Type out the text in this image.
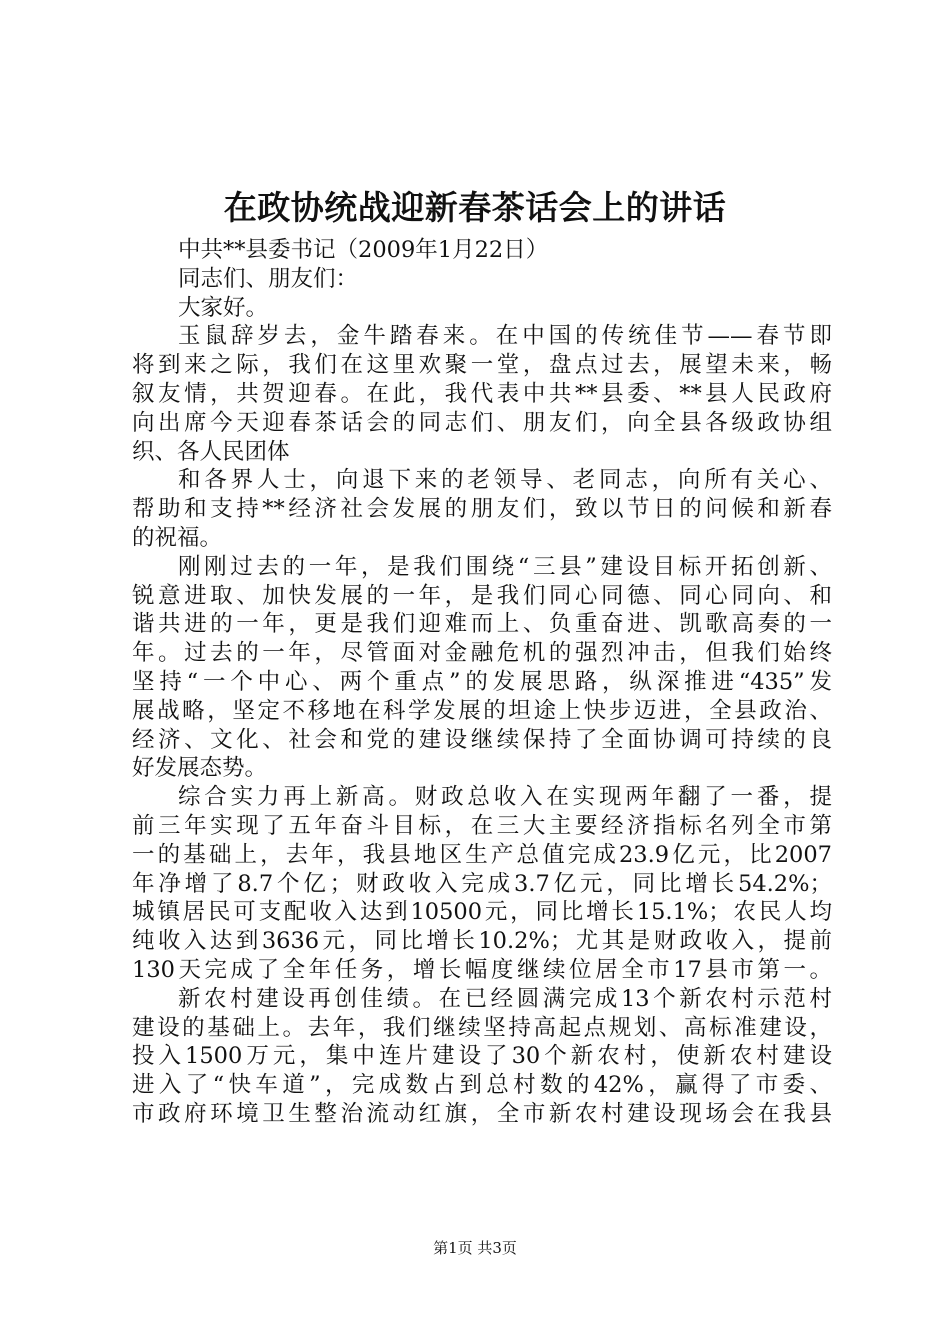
在政协统战迎新春茶话会上的讲话
中共**县委书记（2009年1月22日）
同志们、朋友们：
大家好。
玉鼠辞岁去，金牛踏春来。在中国的传统佳节——春节即
将到来之际，我们在这里欢聚一堂，盘点过去，展望未来，畅
叙友情，共贺迎春。在此，我代表中共**县委、**县人民政府
向出席今天迎春茶话会的同志们、朋友们，向全县各级政协组
织、各人民团体
和各界人士，向退下来的老领导、老同志，向所有关心、
帮助和支持**经济社会发展的朋友们，致以节日的问候和新春
的祝福。
刚刚过去的一年，是我们围绕“三县”建设目标开拓创新、
锐意进取、加快发展的一年，是我们同心同德、同心同向、和
谐共进的一年，更是我们迎难而上、负重奋进、凯歌高奏的一
年。过去的一年，尽管面对金融危机的强烈冲击，但我们始终
坚持“一个中心、两个重点”的发展思路，纵深推进“435”发
展战略，坚定不移地在科学发展的坦途上快步迈进，全县政治、
经济、文化、社会和党的建设继续保持了全面协调可持续的良
好发展态势。
综合实力再上新高。财政总收入在实现两年翻了一番，提
前三年实现了五年奋斗目标，在三大主要经济指标名列全市第
一的基础上，去年，我县地区生产总值完成23.9亿元，比2007
年净增了8.7个亿；财政收入完成3.7亿元，同比增长54.2%；
城镇居民可支配收入达到10500元，同比增长15.1%；农民人均
纯收入达到3636元，同比增长10.2%；尤其是财政收入，提前
130天完成了全年任务，增长幅度继续位居全市17县市第一。
新农村建设再创佳绩。在已经圆满完成13个新农村示范村
建设的基础上。去年，我们继续坚持高起点规划、高标准建设，
投入1500万元，集中连片建设了30个新农村，使新农村建设
进入了“快车道”，完成数占到总村数的42%，赢得了市委、
市政府环境卫生整治流动红旗，全市新农村建设现场会在我县
第1页 共3页
